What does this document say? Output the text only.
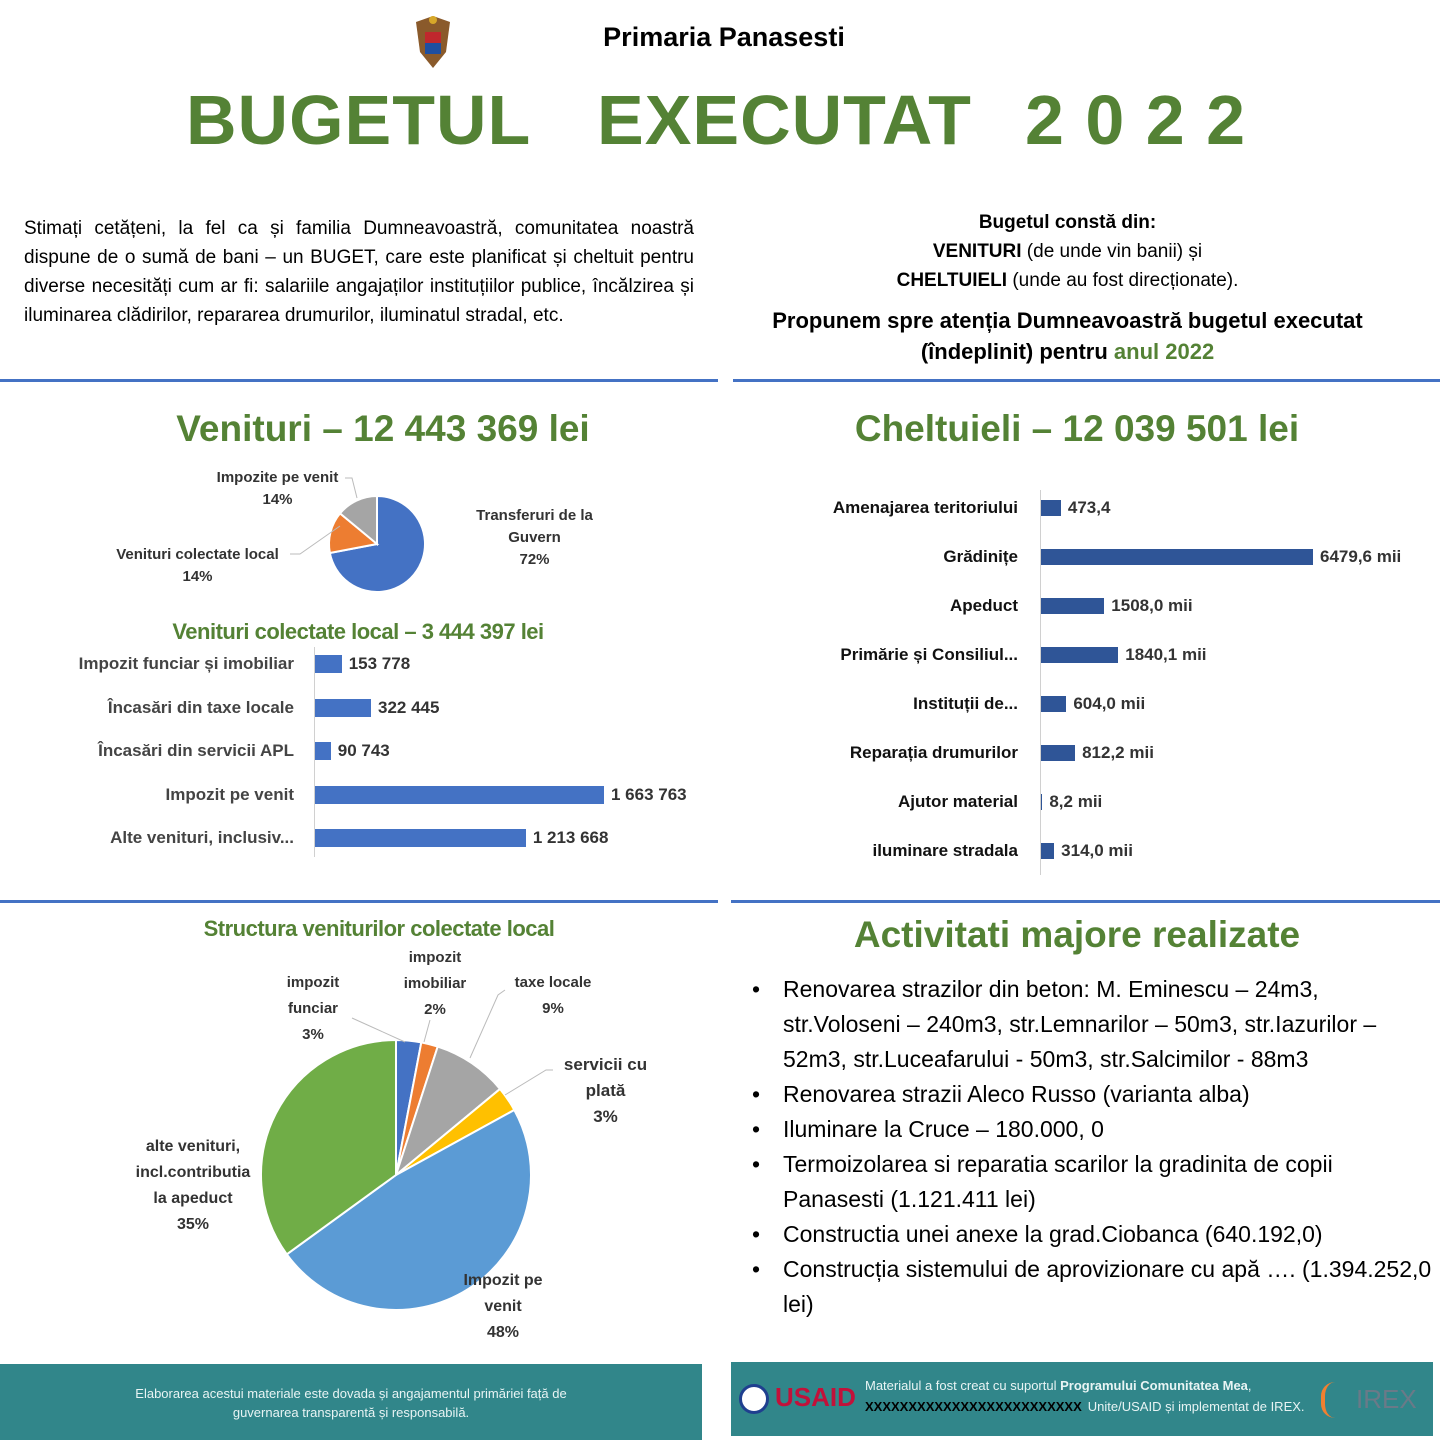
Primaria Panasesti
BUGETUL EXECUTAT 2 0 2 2
Stimați cetățeni, la fel ca și familia Dumneavoastră, comunitatea noastră dispune de o sumă de bani – un BUGET, care este planificat și cheltuit pentru diverse necesități cum ar fi: salariile angajaților instituțiilor publice, încălzirea și iluminarea clădirilor, repararea drumurilor, iluminatul stradal, etc.
Bugetul constă din:
VENITURI (de unde vin banii) și
CHELTUIELI (unde au fost direcționate).
Propunem spre atenția Dumneavoastră bugetul executat (îndeplinit) pentru anul 2022
Venituri – 12 443 369 lei	Cheltuieli – 12 039 501 lei
Transferuri de la Guvern
72%
Venituri colectate local
14%
Impozite pe venit
14%
Venituri colectate local – 3 444 397 lei
Impozit funciar și imobiliar	153 778
Încasări din taxe locale	322 445
Încasări din servicii APL	90 743
Impozit pe venit	1 663 763
Alte venituri, inclusiv...	1 213 668
Amenajarea teritoriului	473,4
Grădinițe	6479,6 mii
Apeduct	1508,0 mii
Primărie și Consiliul...	1840,1 mii
Instituții de...	604,0 mii
Reparația drumurilor	812,2 mii
Ajutor material 8,2 mii
iluminare stradala	314,0 mii
Structura veniturilor colectate local
impozit funciar
3%
impozit imobiliar
2%
taxe locale
9%
servicii cu plată
3%
Impozit pe venit
48%
alte venituri, incl.contributia la apeduct
35%
Activitati majore realizate
• Renovarea strazilor din beton: M. Eminescu – 24m3, str.Voloseni – 240m3, str.Lemnarilor – 50m3, str.Iazurilor – 52m3, str.Luceafarului - 50m3, str.Salcimilor - 88m3
• Renovarea strazii Aleco Russo (varianta alba)
• Iluminare la Cruce – 180.000, 0
• Termoizolarea si reparatia scarilor la gradinita de copii Panasesti (1.121.411 lei)
• Constructia unei anexe la grad.Ciobanca (640.192,0)
• Construcția sistemului de aprovizionare cu apă …. (1.394.252,0 lei)
Elaborarea acestui materiale este dovada și angajamentul primăriei față de guvernarea transparentă și responsabilă.
USAID Materialul a fost creat cu suportul Programului Comunitatea Mea,
XXXXXXXXXXXXXXXXXXXXXXXXX Unite/USAID și implementat de IREX. IREX
